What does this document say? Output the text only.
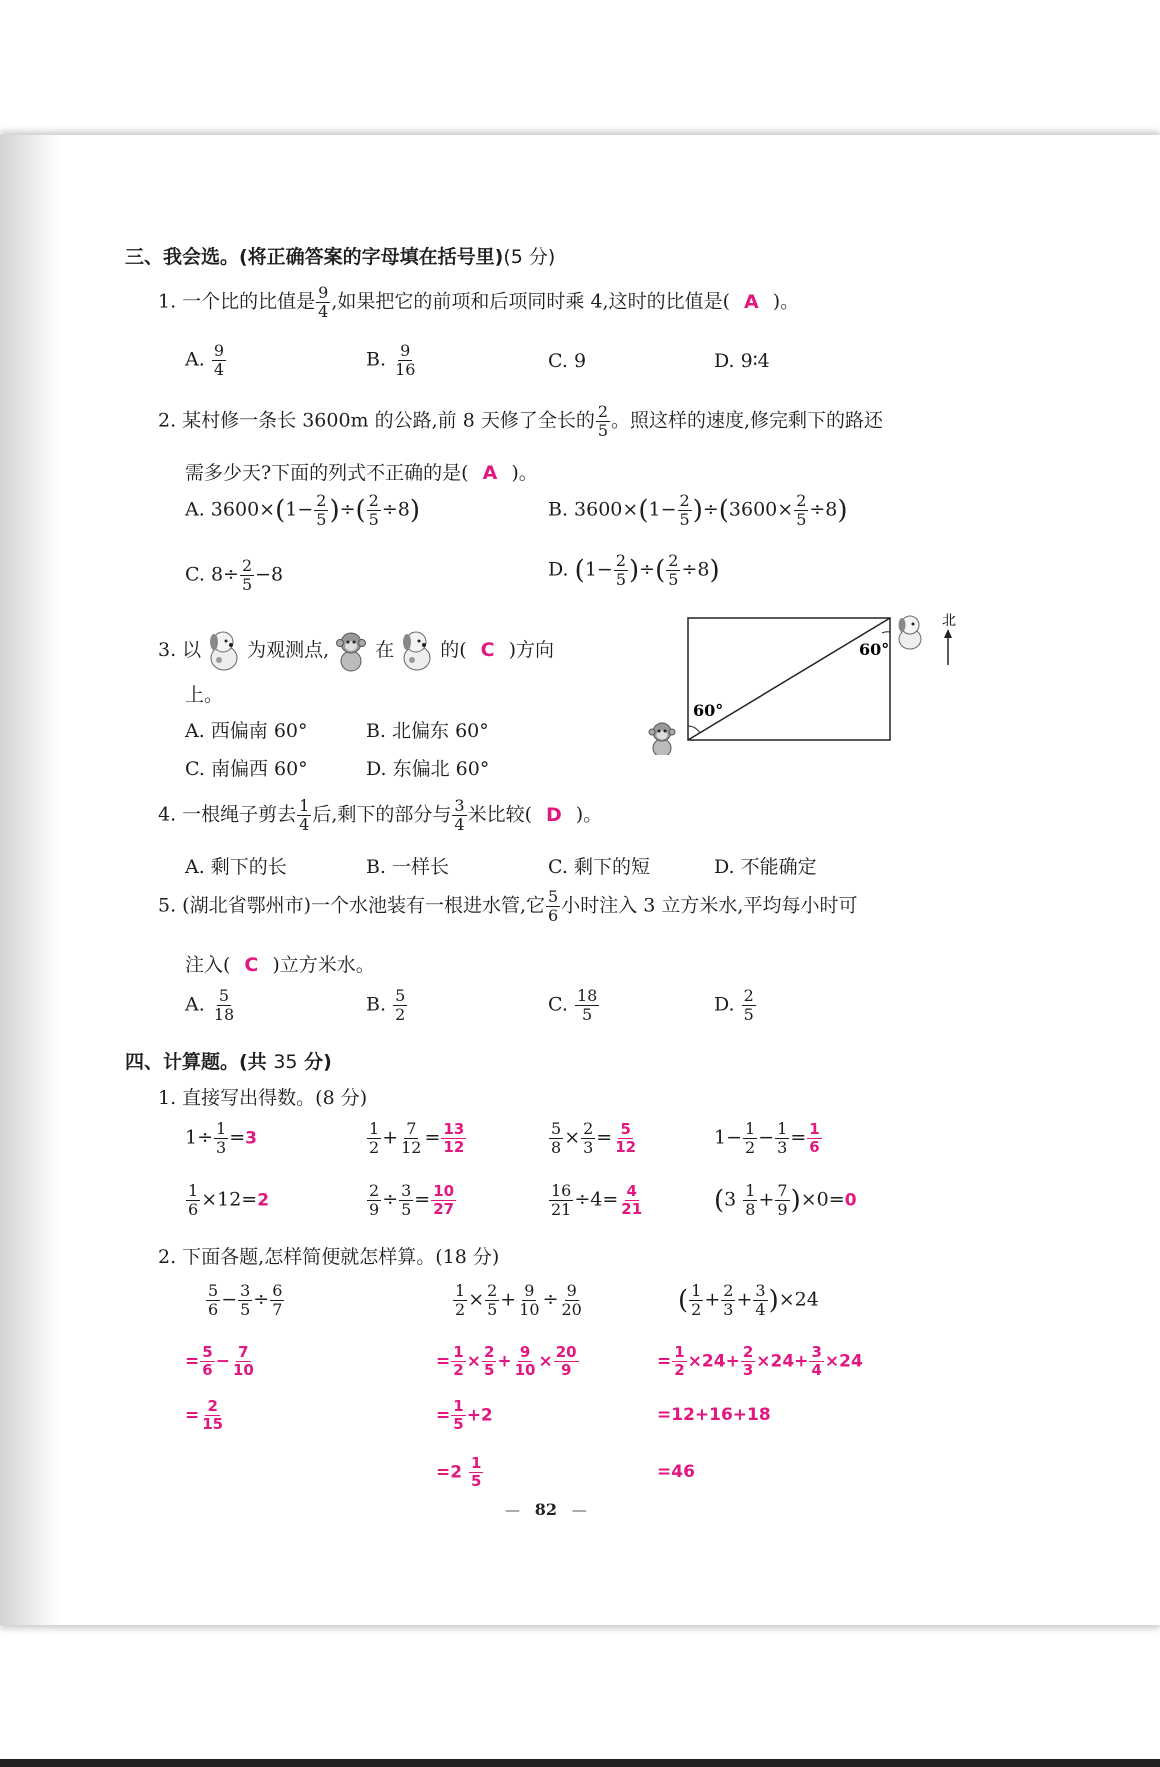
三、我会选。(将正确答案的字母填在括号里)(5 分)
1. 一个比的比值是 $\frac{9}{4}$ ,如果把它的前项和后项同时乘 4,这时的比值是( A )。
A. $\frac{9}{4}$	B. $\frac{9}{16}$	C. 9	D. 9∶4
2. 某村修一条长 3600m 的公路,前 8 天修了全长的 $\frac{2}{5}$ 。照这样的速度,修完剩下的路还
需多少天?下面的列式不正确的是( A )。
A. $3600\times(1- \frac{2}{5}$ )÷( $\frac{2}{5} \div 8$)	B. $3600\times(1- \frac{2}{5} )\div(3600\times \frac{2}{5} \div 8)$
C. $8\div \frac{2}{5} -8$	D. ($1- \frac{2}{5}$ )÷( $\frac{2}{5} \div 8$)
3. 以 为观测点, 在 的( C )方向
上。
A. 西偏南 60°	B. 北偏东 60°
C. 南偏西 60°	D. 东偏北 60°
60°
60°
北
4. 一根绳子剪去 $\frac{1}{4}$ 后,剩下的部分与 $\frac{3}{4}$ 米比较( D )。
A. 剩下的长	B. 一样长	C. 剩下的短	D. 不能确定
5. (湖北省鄂州市)一个水池装有一根进水管,它 $\frac{5}{6}$ 小时注入 3 立方米水,平均每小时可
注入( C )立方米水。
A. $\frac{5}{18}$	B. $\frac{5}{2}$	C. $\frac{18}{5}$	D. $\frac{2}{5}$
四、计算题。(共 35 分)
1. 直接写出得数。(8 分)
$1\div \frac{1}{3} =3$	$\frac{1}{2} + \frac{7}{12} = \frac{13}{12}$	$\frac{5}{8} \times \frac{2}{3} = \frac{5}{12}$	$1- \frac{1}{2} - \frac{1}{3} = \frac{1}{6}$
$\frac{1}{6} \times 12=2$	$\frac{2}{9} \div \frac{3}{5} = \frac{10}{27}$	$\frac{16}{21} \div 4= \frac{4}{21}$	$(3 \frac{1}{8} + \frac{7}{9} )\times 0=0$
2. 下面各题,怎样简便就怎样算。(18 分)
$\frac{5}{6} - \frac{3}{5} \div \frac{6}{7}$
= $\frac{5}{6} - \frac{7}{10}$
= $\frac{2}{15}$
$\frac{1}{2} \times \frac{2}{5} + \frac{9}{10} \div \frac{9}{20}$
= $\frac{1}{2} \times \frac{2}{5} + \frac{9}{10} \times \frac{20}{9}$
= $\frac{1}{5} +2$
$=2 \frac{1}{5}$
( $\frac{1}{2} + \frac{2}{3} + \frac{3}{4} )\times 24$
= $\frac{1}{2} \times 24+ \frac{2}{3} \times 24+ \frac{3}{4} \times 24$
=12+16+18
=46
— 82 —
